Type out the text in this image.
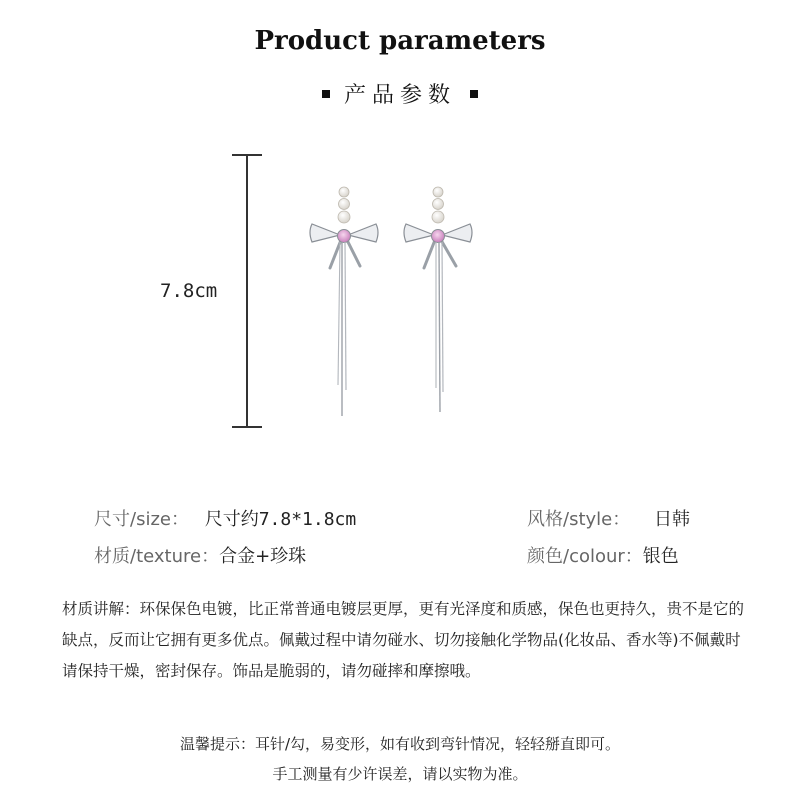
Product parameters
产品参数
7.8cm
尺寸/size： 尺寸约7.8*1.8cm	风格/style： 日韩
材质/texture：合金+珍珠	颜色/colour：银色
材质讲解：环保保色电镀，比正常普通电镀层更厚，更有光泽度和质感，保色也更持久，贵不是它的缺点，反而让它拥有更多优点。佩戴过程中请勿碰水、切勿接触化学物品(化妆品、香水等)不佩戴时请保持干燥，密封保存。饰品是脆弱的，请勿碰摔和摩擦哦。
温馨提示：耳针/勾，易变形，如有收到弯针情况，轻轻掰直即可。
手工测量有少许误差，请以实物为准。
